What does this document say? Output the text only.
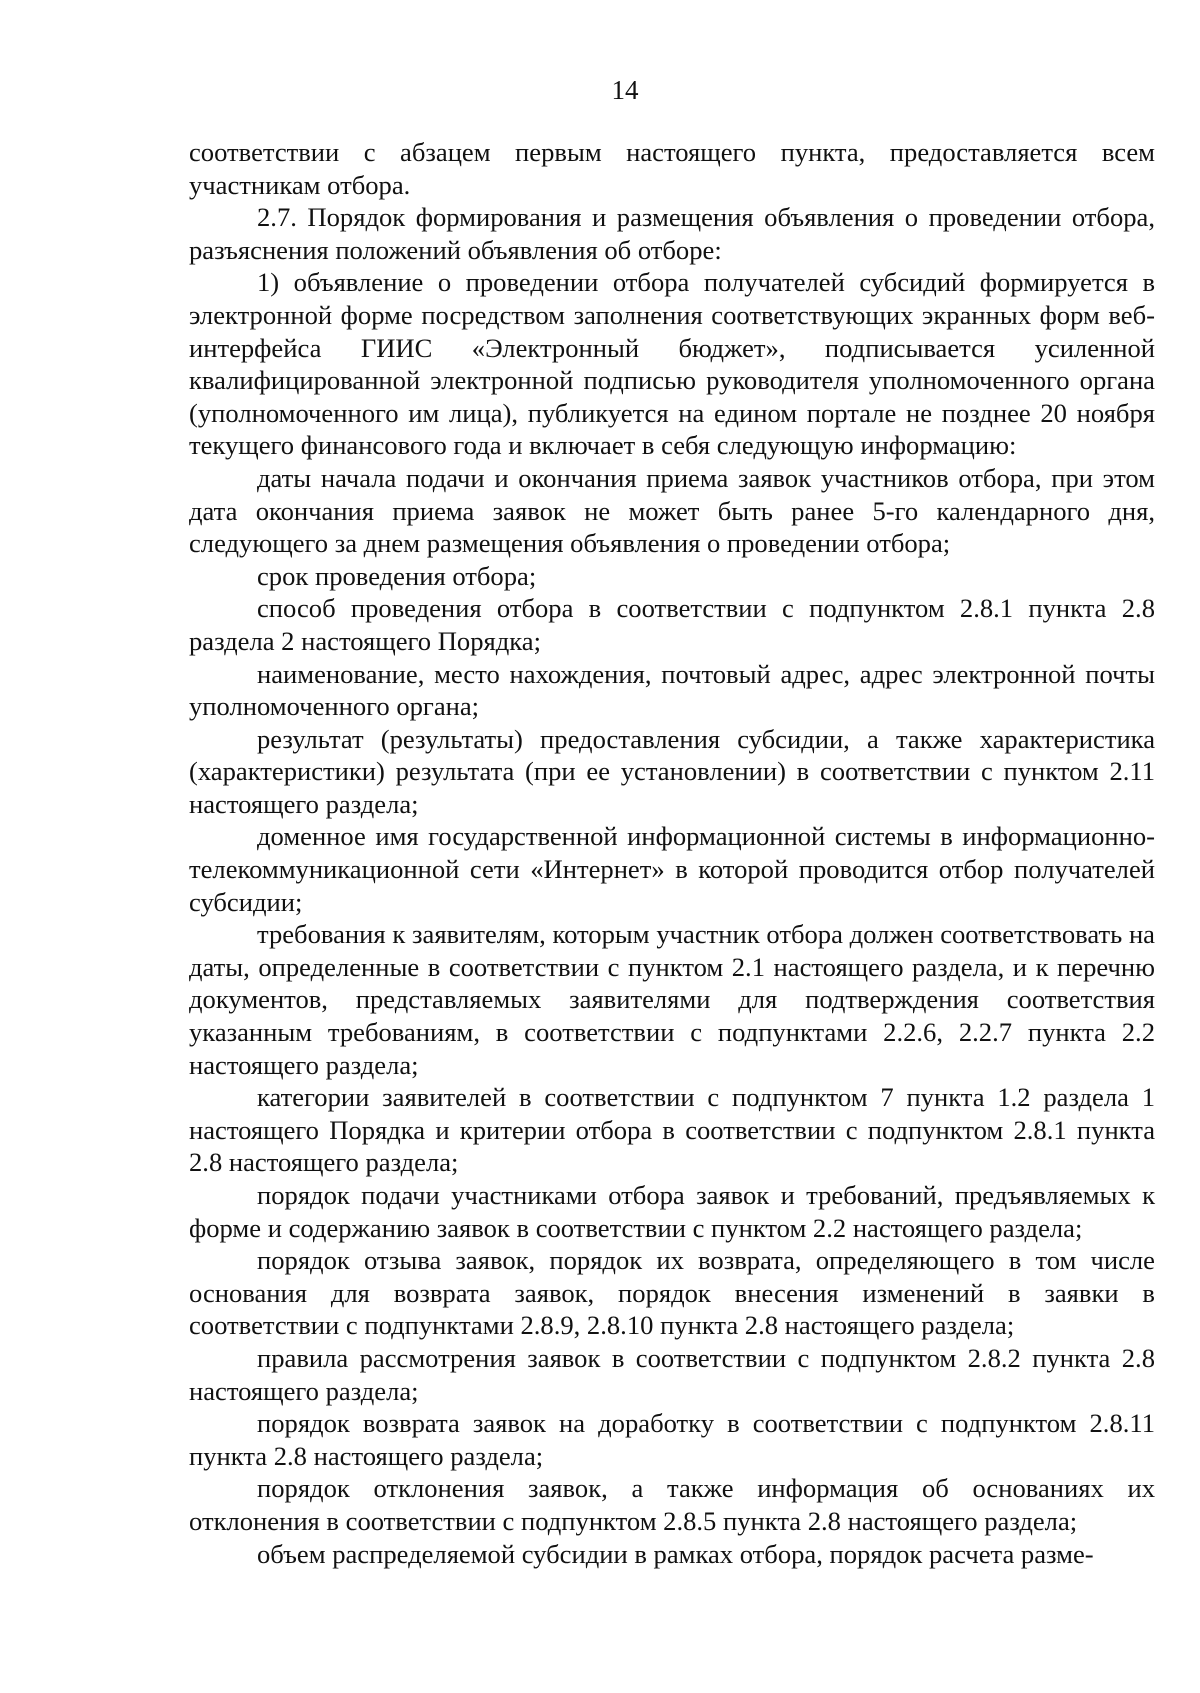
14

соответствии с абзацем первым настоящего пункта, предоставляется всем участникам отбора.

2.7. Порядок формирования и размещения объявления о проведении отбора, разъяснения положений объявления об отборе:

1) объявление о проведении отбора получателей субсидий формируется в электронной форме посредством заполнения соответствующих экранных форм веб-интерфейса ГИИС «Электронный бюджет», подписывается усиленной квалифицированной электронной подписью руководителя уполномоченного органа (уполномоченного им лица), публикуется на едином портале не позднее 20 ноября текущего финансового года и включает в себя следующую информацию:

даты начала подачи и окончания приема заявок участников отбора, при этом дата окончания приема заявок не может быть ранее 5-го календарного дня, следующего за днем размещения объявления о проведении отбора;

срок проведения отбора;

способ проведения отбора в соответствии с подпунктом 2.8.1 пункта 2.8 раздела 2 настоящего Порядка;

наименование, место нахождения, почтовый адрес, адрес электронной почты уполномоченного органа;

результат (результаты) предоставления субсидии, а также характеристика (характеристики) результата (при ее установлении) в соответствии с пунктом 2.11 настоящего раздела;

доменное имя государственной информационной системы в информационно-телекоммуникационной сети «Интернет» в которой проводится отбор получателей субсидии;

требования к заявителям, которым участник отбора должен соответствовать на даты, определенные в соответствии с пунктом 2.1 настоящего раздела, и к перечню документов, представляемых заявителями для подтверждения соответствия указанным требованиям, в соответствии с подпунктами 2.2.6, 2.2.7 пункта 2.2 настоящего раздела;

категории заявителей в соответствии с подпунктом 7 пункта 1.2 раздела 1 настоящего Порядка и критерии отбора в соответствии с подпунктом 2.8.1 пункта 2.8 настоящего раздела;

порядок подачи участниками отбора заявок и требований, предъявляемых к форме и содержанию заявок в соответствии с пунктом 2.2 настоящего раздела;

порядок отзыва заявок, порядок их возврата, определяющего в том числе основания для возврата заявок, порядок внесения изменений в заявки в соответствии с подпунктами 2.8.9, 2.8.10 пункта 2.8 настоящего раздела;

правила рассмотрения заявок в соответствии с подпунктом 2.8.2 пункта 2.8 настоящего раздела;

порядок возврата заявок на доработку в соответствии с подпунктом 2.8.11 пункта 2.8 настоящего раздела;

порядок отклонения заявок, а также информация об основаниях их отклонения в соответствии с подпунктом 2.8.5 пункта 2.8 настоящего раздела;

объем распределяемой субсидии в рамках отбора, порядок расчета разме-
